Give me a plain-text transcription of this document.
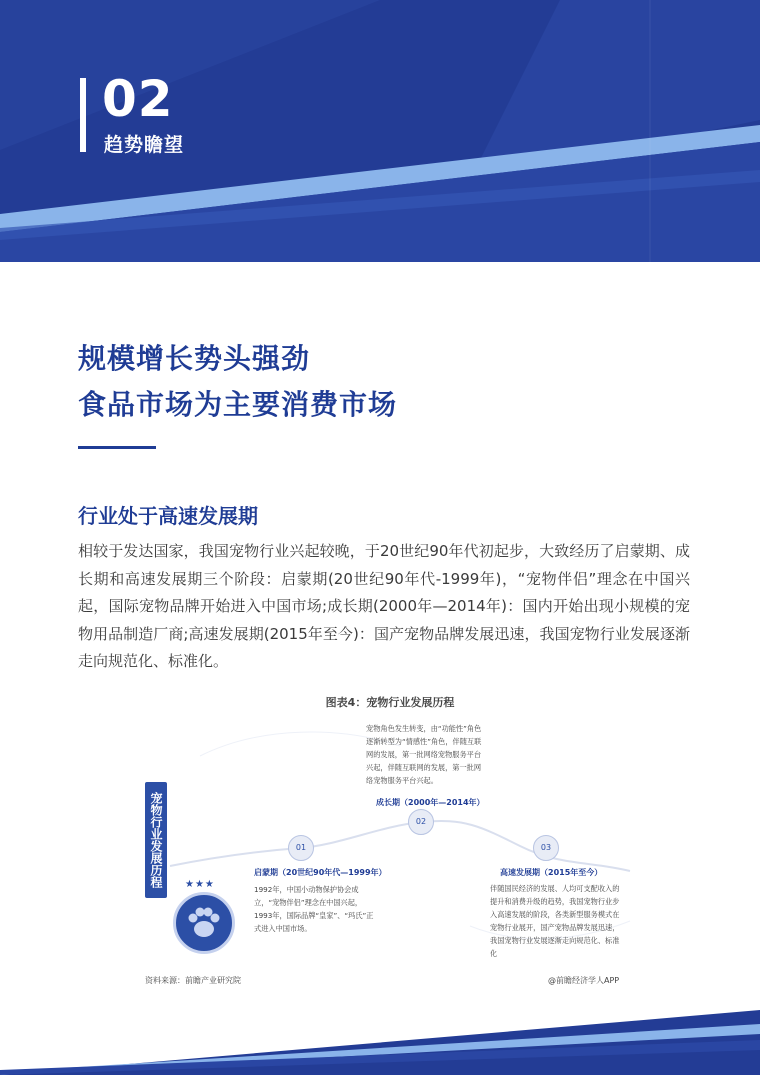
02
趋势瞻望
规模增长势头强劲
食品市场为主要消费市场
行业处于高速发展期
相较于发达国家，我国宠物行业兴起较晚，于20世纪90年代初起步，大致经历了启蒙期、成长期和高速发展期三个阶段：启蒙期(20世纪90年代-1999年)，“宠物伴侣”理念在中国兴起，国际宠物品牌开始进入中国市场;成长期(2000年—2014年)：国内开始出现小规模的宠物用品制造厂商;高速发展期(2015年至今)：国产宠物品牌发展迅速，我国宠物行业发展逐渐走向规范化、标准化。
图表4：宠物行业发展历程
宠物行业发展历程
宠物角色发生转变，由“功能性”角色逐渐转型为“情感性”角色，伴随互联网的发展，第一批网络宠物服务平台兴起，伴随互联网的发展，第一批网络宠物服务平台兴起。
成长期（2000年—2014年）
02
01
启蒙期（20世纪90年代—1999年）
1992年，中国小动物保护协会成立，“宠物伴侣”理念在中国兴起，1993年，国际品牌“皇家”、“玛氏”正式进入中国市场。
03
高速发展期（2015年至今）
伴随国民经济的发展、人均可支配收入的提升和消费升级的趋势，我国宠物行业步入高速发展的阶段，各类新型服务模式在宠物行业展开，国产宠物品牌发展迅速，我国宠物行业发展逐渐走向规范化、标准化
★★★
资料来源：前瞻产业研究院	@前瞻经济学人APP
